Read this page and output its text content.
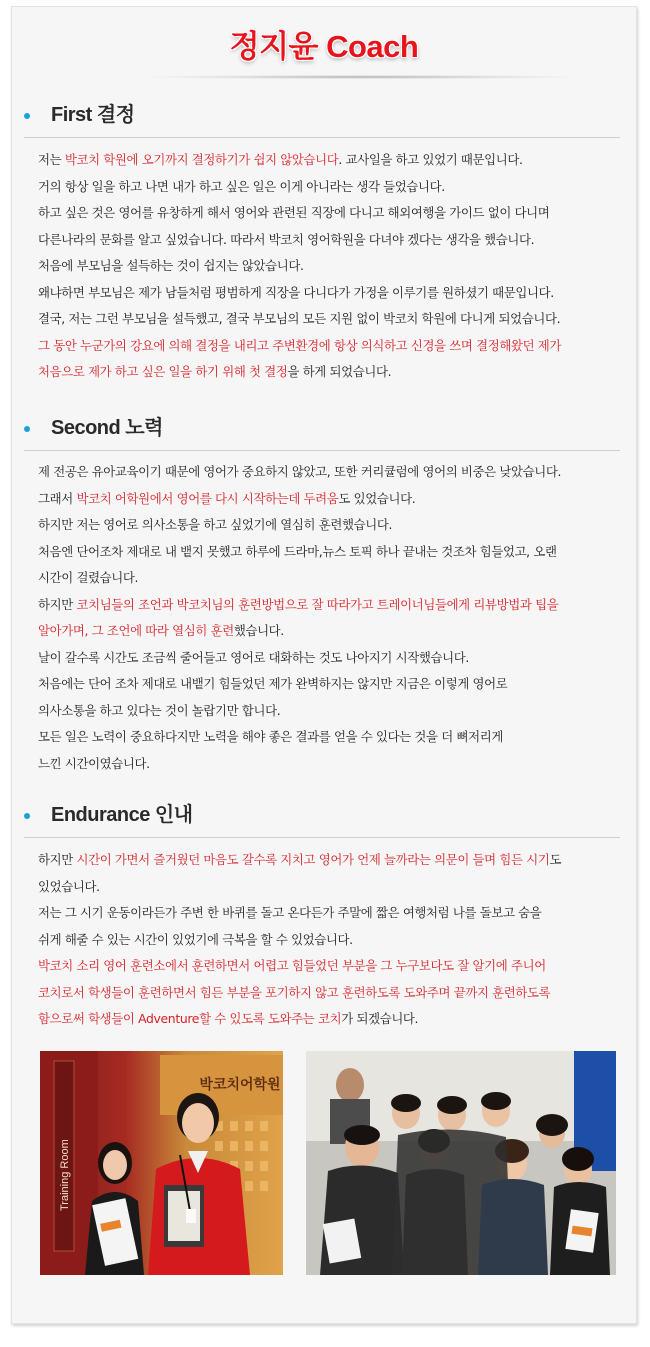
정지윤 Coach
First 결정
저는 박코치 학원에 오기까지 결정하기가 쉽지 않았습니다. 교사일을 하고 있었기 때문입니다.
거의 항상 일을 하고 나면 내가 하고 싶은 일은 이게 아니라는 생각 들었습니다.
하고 싶은 것은 영어를 유창하게 해서 영어와 관련된 직장에 다니고 해외여행을 가이드 없이 다니며
다른나라의 문화를 알고 싶었습니다. 따라서 박코치 영어학원을 다녀야 겠다는 생각을 했습니다.
처음에 부모님을 설득하는 것이 쉽지는 않았습니다.
왜냐하면 부모님은 제가 남들처럼 평범하게 직장을 다니다가 가정을 이루기를 원하셨기 때문입니다.
결국, 저는 그런 부모님을 설득했고, 결국 부모님의 모든 지원 없이 박코치 학원에 다니게 되었습니다.
그 동안 누군가의 강요에 의해 결정을 내리고 주변환경에 항상 의식하고 신경을 쓰며 결정해왔던 제가
처음으로 제가 하고 싶은 일을 하기 위해 첫 결정을 하게 되었습니다.
Second 노력
제 전공은 유아교육이기 때문에 영어가 중요하지 않았고, 또한 커리큘럼에 영어의 비중은 낮았습니다.
그래서 박코치 어학원에서 영어를 다시 시작하는데 두려움도 있었습니다.
하지만 저는 영어로 의사소통을 하고 싶었기에 열심히 훈련했습니다.
처음엔 단어조차 제대로 내 뱉지 못했고 하루에 드라마,뉴스 토픽 하나 끝내는 것조차 힘들었고, 오랜
시간이 걸렸습니다.
하지만 코치님들의 조언과 박코치님의 훈련방법으로 잘 따라가고 트레이너님들에게 리뷰방법과 팁을
알아가며, 그 조언에 따라 열심히 훈련했습니다.
날이 갈수록 시간도 조금씩 줄어들고 영어로 대화하는 것도 나아지기 시작했습니다.
처음에는 단어 조차 제대로 내뱉기 힘들었던 제가 완벽하지는 않지만 지금은 이렇게 영어로
의사소통을 하고 있다는 것이 놀랍기만 합니다.
모든 일은 노력이 중요하다지만 노력을 해야 좋은 결과를 얻을 수 있다는 것을 더 뼈저리게
느낀 시간이였습니다.
Endurance 인내
하지만 시간이 가면서 즐거웠던 마음도 갈수록 지치고 영어가 언제 늘까라는 의문이 들며 힘든 시기도
있었습니다.
저는 그 시기 운동이라든가 주변 한 바퀴를 돌고 온다든가 주말에 짧은 여행처럼 나를 돌보고 숨을
쉬게 해줄 수 있는 시간이 있었기에 극복을 할 수 있었습니다.
박코치 소리 영어 훈련소에서 훈련하면서 어렵고 힘들었던 부분을 그 누구보다도 잘 알기에 주니어
코치로서 학생들이 훈련하면서 힘든 부분을 포기하지 않고 훈련하도록 도와주며 끝까지 훈련하도록
함으로써 학생들이 Adventure할 수 있도록 도와주는 코치가 되겠습니다.
Training Room
박코치어학원
